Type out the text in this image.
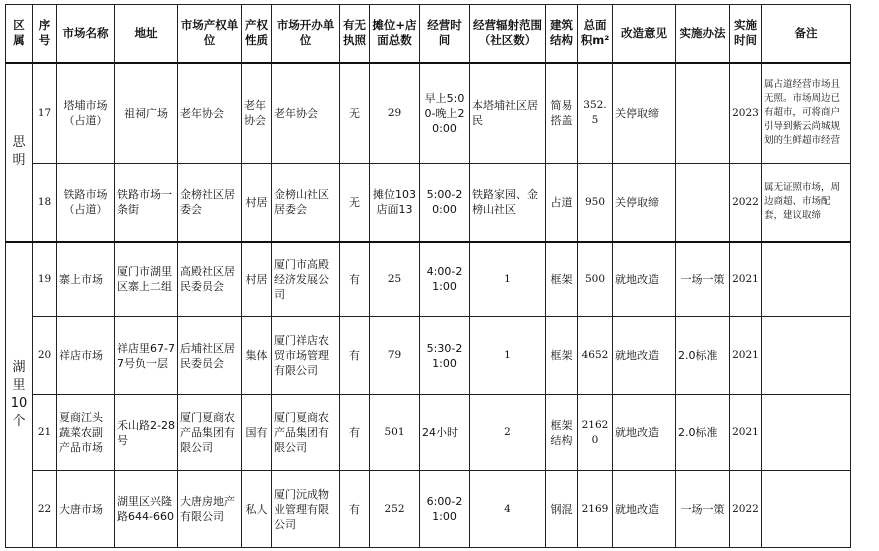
区属	序号	市场名称	地址	市场产权单位	产权性质	市场开办单位	有无执照	摊位+店面总数	经营时间	经营辐射范围（社区数）	建筑结构	总面积m²	改造意见	实施办法	实施时间	备注
思明	17	塔埔市场（占道）	祖祠广场	老年协会	老年协会	老年协会	无	29	早上5:00-晚上20:00	本塔埔社区居民	简易搭盖	352.5	关停取缔		2023	属占道经营市场且无照。市场周边已有超市，可将商户引导到紫云尚城规划的生鲜超市经营
	18	铁路市场（占道）	铁路市场一条街	金榜社区居委会	村居	金榜山社区居委会	无	摊位103店面13	5:00-20:00	铁路家园、金榜山社区	占道	950	关停取缔		2022	属无证照市场，周边商超、市场配套，建议取缔
湖里10个	19	寨上市场	厦门市湖里区寨上二组	高殿社区居民委员会	村居	厦门市高殿经济发展公司	有	25	4:00-21:00	1	框架	500	就地改造	一场一策	2021	
	20	祥店市场	祥店里67-77号负一层	后埔社区居民委员会	集体	厦门祥店农贸市场管理有限公司	有	79	5:30-21:00	1	框架	4652	就地改造	2.0标准	2021	
	21	夏商江头蔬菜农副产品市场	禾山路2-28号	厦门夏商农产品集团有限公司	国有	厦门夏商农产品集团有限公司	有	501	24小时	2	框架结构	21620	就地改造	2.0标准	2021	
	22	大唐市场	湖里区兴隆路644-660	大唐房地产有限公司	私人	厦门沅成物业管理有限公司	有	252	6:00-21:00	4	钢混	2169	就地改造	一场一策	2022	
